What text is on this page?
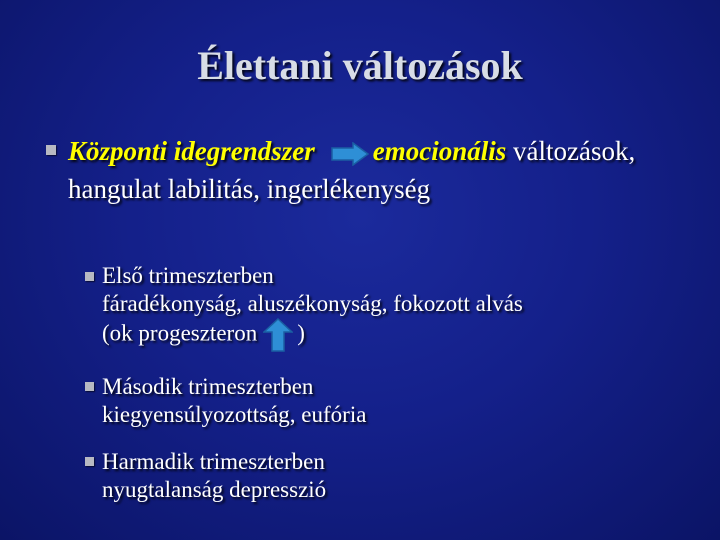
Élettani változások
Központi idegrendszer emocionális változások, hangulat labilitás, ingerlékenység
Első trimeszterben
fáradékonyság, aluszékonyság, fokozott alvás
(ok progeszteron )
Második trimeszterben
kiegyensúlyozottság, eufória
Harmadik trimeszterben
nyugtalanság depresszió
